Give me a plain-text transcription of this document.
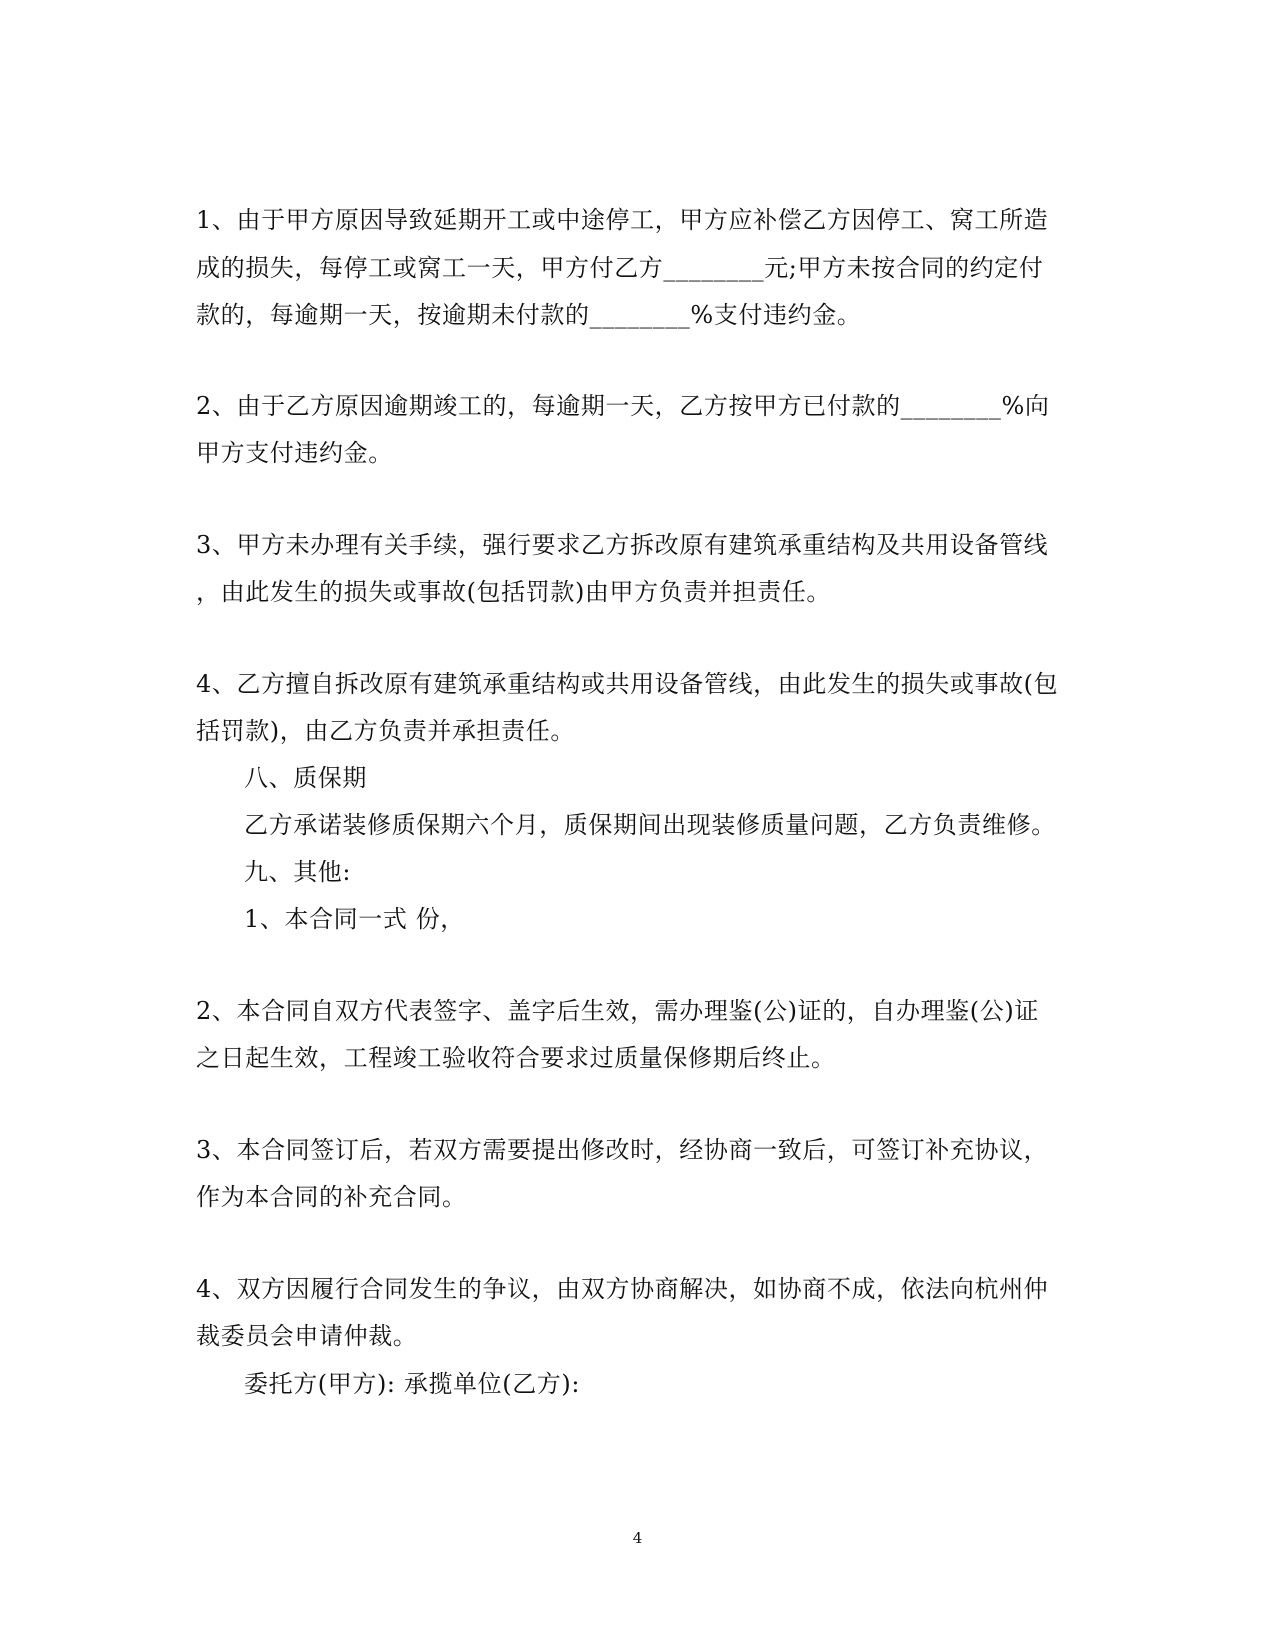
1、由于甲方原因导致延期开工或中途停工，甲方应补偿乙方因停工、窝工所造
成的损失，每停工或窝工一天，甲方付乙方________元;甲方未按合同的约定付
款的，每逾期一天，按逾期未付款的________%支付违约金。
2、由于乙方原因逾期竣工的，每逾期一天，乙方按甲方已付款的________%向
甲方支付违约金。
3、甲方未办理有关手续，强行要求乙方拆改原有建筑承重结构及共用设备管线
，由此发生的损失或事故(包括罚款)由甲方负责并担责任。
4、乙方擅自拆改原有建筑承重结构或共用设备管线，由此发生的损失或事故(包
括罚款)，由乙方负责并承担责任。
八、质保期
乙方承诺装修质保期六个月，质保期间出现装修质量问题，乙方负责维修。
九、其他:
1、本合同一式 份，
2、本合同自双方代表签字、盖字后生效，需办理鉴(公)证的，自办理鉴(公)证
之日起生效，工程竣工验收符合要求过质量保修期后终止。
3、本合同签订后，若双方需要提出修改时，经协商一致后，可签订补充协议，
作为本合同的补充合同。
4、双方因履行合同发生的争议，由双方协商解决，如协商不成，依法向杭州仲
裁委员会申请仲裁。
委托方(甲方): 承揽单位(乙方):
4
